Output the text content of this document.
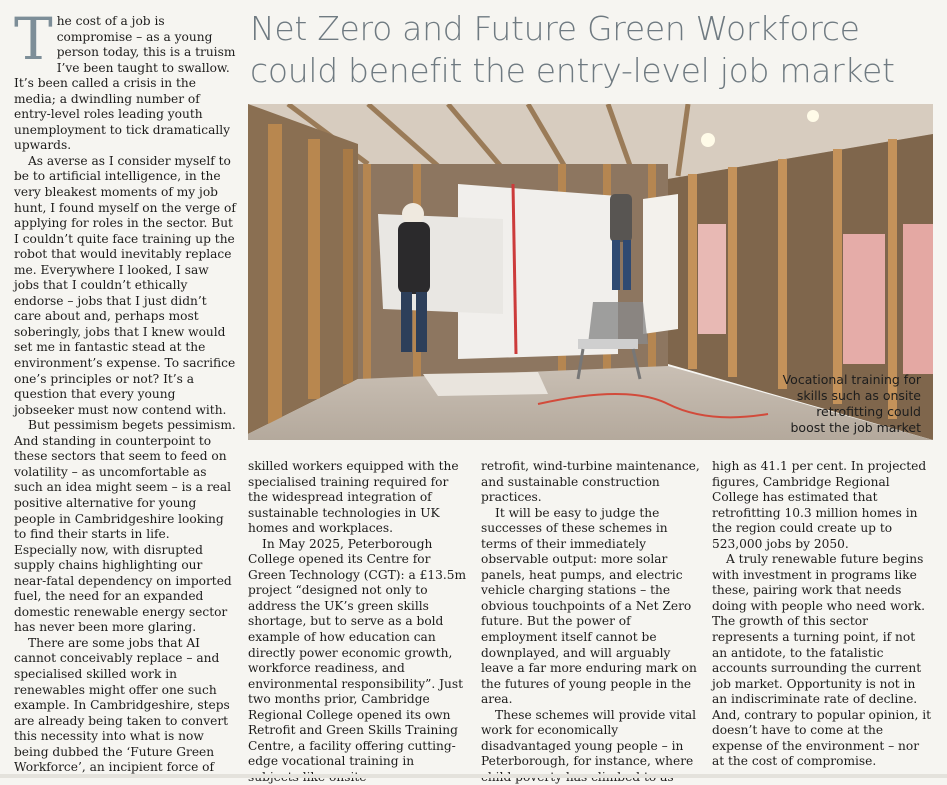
Net Zero and Future Green Workforce
could benefit the entry-level job market

The cost of a job is compromise – as a young person today, this is a truism I’ve been taught to swallow. It’s been called a crisis in the media; a dwindling number of entry-level roles leading youth unemployment to tick dramatically upwards.

As averse as I consider myself to be to artificial intelligence, in the very bleakest moments of my job hunt, I found myself on the verge of applying for roles in the sector. But I couldn’t quite face training up the robot that would inevitably replace me. Everywhere I looked, I saw jobs that I couldn’t ethically endorse – jobs that I just didn’t care about and, perhaps most soberingly, jobs that I knew would set me in fantastic stead at the environment’s expense. To sacrifice one’s principles or not? It’s a question that every young jobseeker must now contend with.

But pessimism begets pessimism. And standing in counterpoint to these sectors that seem to feed on volatility – as uncomfortable as such an idea might seem – is a real positive alternative for young people in Cambridgeshire looking to find their starts in life. Especially now, with disrupted supply chains highlighting our near-fatal dependency on imported fuel, the need for an expanded domestic renewable energy sector has never been more glaring.

There are some jobs that AI cannot conceivably replace – and specialised skilled work in renewables might offer one such example. In Cambridgeshire, steps are already being taken to convert this necessity into what is now being dubbed the ‘Future Green Workforce’, an incipient force of

Vocational training for
skills such as onsite
retrofitting could
boost the job market

skilled workers equipped with the specialised training required for the widespread integration of sustainable technologies in UK homes and workplaces.

In May 2025, Peterborough College opened its Centre for Green Technology (CGT): a £13.5m project “designed not only to address the UK’s green skills shortage, but to serve as a bold example of how education can directly power economic growth, workforce readiness, and environmental responsibility”. Just two months prior, Cambridge Regional College opened its own Retrofit and Green Skills Training Centre, a facility offering cutting-edge vocational training in

retrofit, wind-turbine maintenance, and sustainable construction practices.

It will be easy to judge the successes of these schemes in terms of their immediately observable output: more solar panels, heat pumps, and electric vehicle charging stations – the obvious touchpoints of a Net Zero future. But the power of employment itself cannot be downplayed, and will arguably leave a far more enduring mark on the futures of young people in the area.

These schemes will provide vital work for economically disadvantaged young people – in Peterborough, for instance, where

high as 41.1 per cent. In projected figures, Cambridge Regional College has estimated that retrofitting 10.3 million homes in the region could create up to 523,000 jobs by 2050.

A truly renewable future begins with investment in programs like these, pairing work that needs doing with people who need work. The growth of this sector represents a turning point, if not an antidote, to the fatalistic accounts surrounding the current job market. Opportunity is not in an indiscriminate rate of decline. And, contrary to popular opinion, it doesn’t have to come at the expense of the environment – nor at the cost of compromise.
